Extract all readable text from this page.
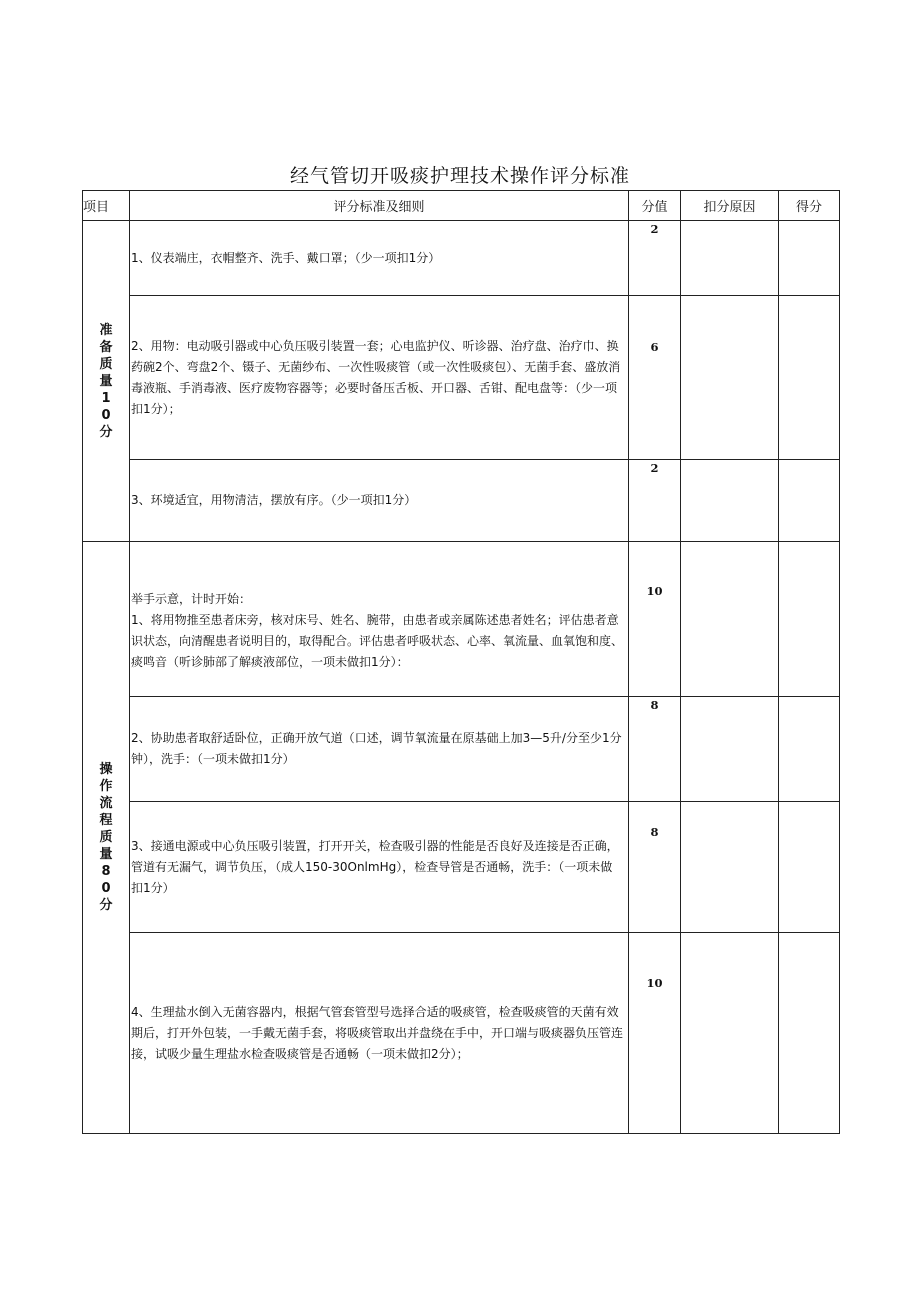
经气管切开吸痰护理技术操作评分标准
项目	评分标准及细则	分值	扣分原因	得分
准备质量10分	1、仪表端庄，衣帽整齐、洗手、戴口罩；（少一项扣1分）	2		

	2、用物：电动吸引器或中心负压吸引装置一套；心电监护仪、听诊器、治疗盘、治疗巾、换药碗2个、弯盘2个、镊子、无菌纱布、一次性吸痰管（或一次性吸痰包）、无菌手套、盛放消毒液瓶、手消毒液、医疗废物容器等；必要时备压舌板、开口器、舌钳、配电盘等：（少一项扣1分）；	6		

	3、环境适宜，用物清洁，摆放有序。（少一项扣1分）	2		

操作流程质量80分	举手示意，计时开始：
1、将用物推至患者床旁，核对床号、姓名、腕带，由患者或亲属陈述患者姓名；评估患者意识状态，向清醒患者说明目的，取得配合。评估患者呼吸状态、心率、氧流量、血氧饱和度、痰鸣音（听诊肺部了解痰液部位，一项未做扣1分）：	10		

	2、协助患者取舒适卧位，正确开放气道（口述，调节氧流量在原基础上加3—5升/分至少1分钟），洗手：（一项未做扣1分）	8		

	3、接通电源或中心负压吸引装置，打开开关，检查吸引器的性能是否良好及连接是否正确，管道有无漏气，调节负压，（成人150-30OnlmHg），检查导管是否通畅，洗手：（一项未做扣1分）	8		

	4、生理盐水倒入无菌容器内，根据气管套管型号选择合适的吸痰管，检查吸痰管的天菌有效期后，打开外包装，一手戴无菌手套，将吸痰管取出并盘绕在手中，开口端与吸痰器负压管连接，试吸少量生理盐水检查吸痰管是否通畅（一项未做扣2分）；	10		
